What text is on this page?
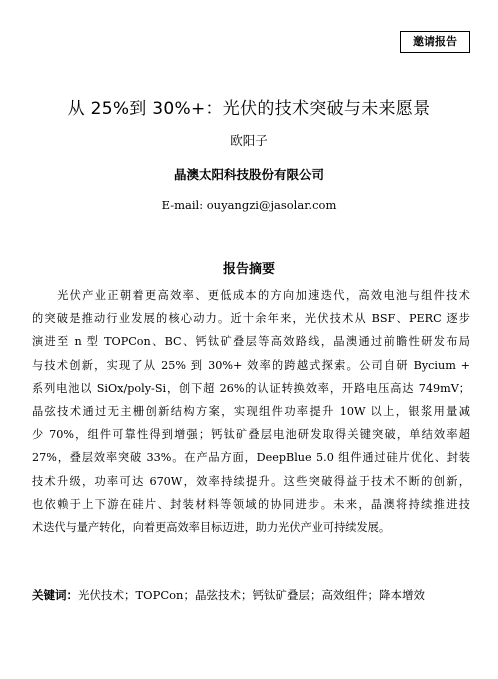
邀请报告
从 25%到 30%+：光伏的技术突破与未来愿景
欧阳子
晶澳太阳科技股份有限公司
E-mail: ouyangzi@jasolar.com
报告摘要
　　光伏产业正朝着更高效率、更低成本的方向加速迭代，高效电池与组件技术
的突破是推动行业发展的核心动力。近十余年来，光伏技术从 BSF、PERC 逐步
演进至 n 型 TOPCon、BC、钙钛矿叠层等高效路线，晶澳通过前瞻性研发布局
与技术创新，实现了从 25% 到 30%+ 效率的跨越式探索。公司自研 Bycium +
系列电池以 SiOx/poly-Si，创下超 26%的认证转换效率，开路电压高达 749mV；
晶弦技术通过无主栅创新结构方案，实现组件功率提升 10W 以上，银浆用量减
少 70%，组件可靠性得到增强；钙钛矿叠层电池研发取得关键突破，单结效率超
27%，叠层效率突破 33%。在产品方面，DeepBlue 5.0 组件通过硅片优化、封装
技术升级，功率可达 670W，效率持续提升。这些突破得益于技术不断的创新，
也依赖于上下游在硅片、封装材料等领域的协同进步。未来，晶澳将持续推进技
术迭代与量产转化，向着更高效率目标迈进，助力光伏产业可持续发展。
关键词：光伏技术；TOPCon；晶弦技术；钙钛矿叠层；高效组件；降本增效
